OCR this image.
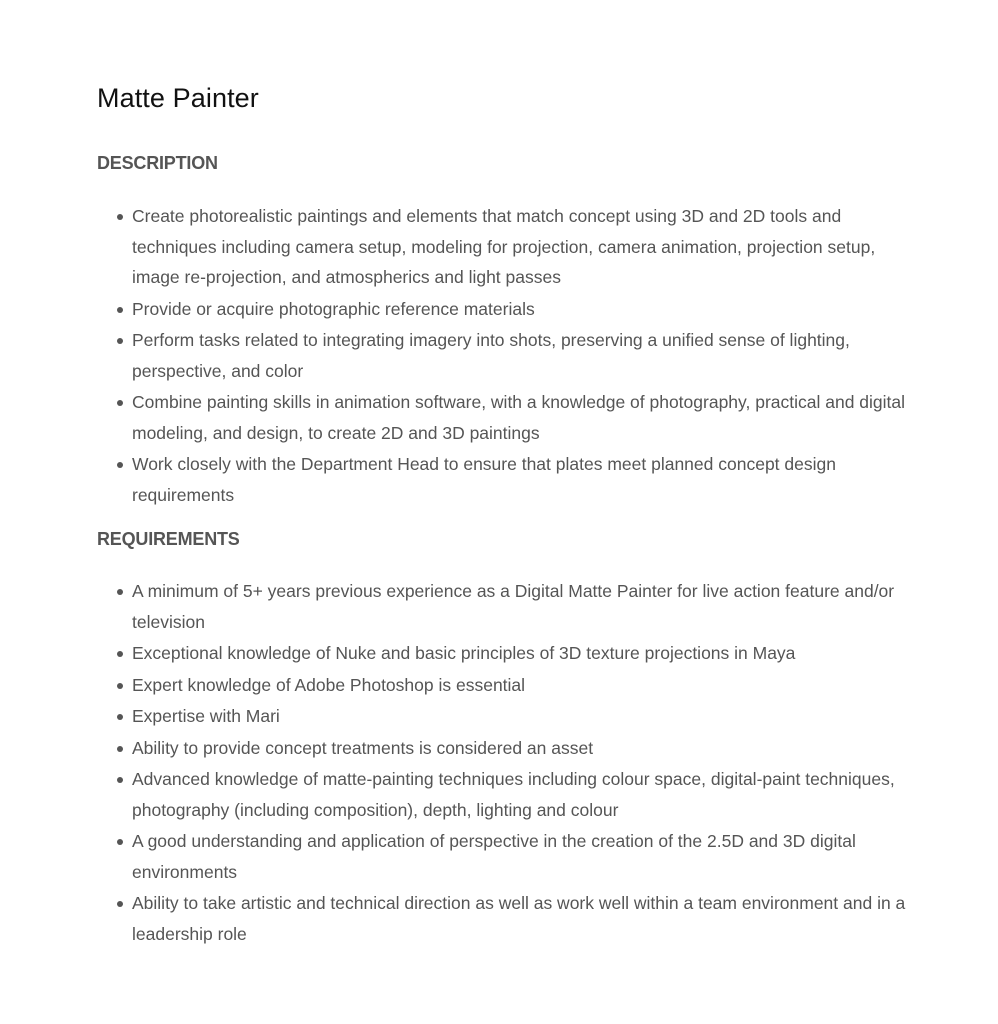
Matte Painter
DESCRIPTION
Create photorealistic paintings and elements that match concept using 3D and 2D tools and techniques including camera setup, modeling for projection, camera animation, projection setup, image re-projection, and atmospherics and light passes
Provide or acquire photographic reference materials
Perform tasks related to integrating imagery into shots, preserving a unified sense of lighting, perspective, and color
Combine painting skills in animation software, with a knowledge of photography, practical and digital modeling, and design, to create 2D and 3D paintings
Work closely with the Department Head to ensure that plates meet planned concept design requirements
REQUIREMENTS
A minimum of 5+ years previous experience as a Digital Matte Painter for live action feature and/or television
Exceptional knowledge of Nuke and basic principles of 3D texture projections in Maya
Expert knowledge of Adobe Photoshop is essential
Expertise with Mari
Ability to provide concept treatments is considered an asset
Advanced knowledge of matte-painting techniques including colour space, digital-paint techniques, photography (including composition), depth, lighting and colour
A good understanding and application of perspective in the creation of the 2.5D and 3D digital environments
Ability to take artistic and technical direction as well as work well within a team environment and in a leadership role
